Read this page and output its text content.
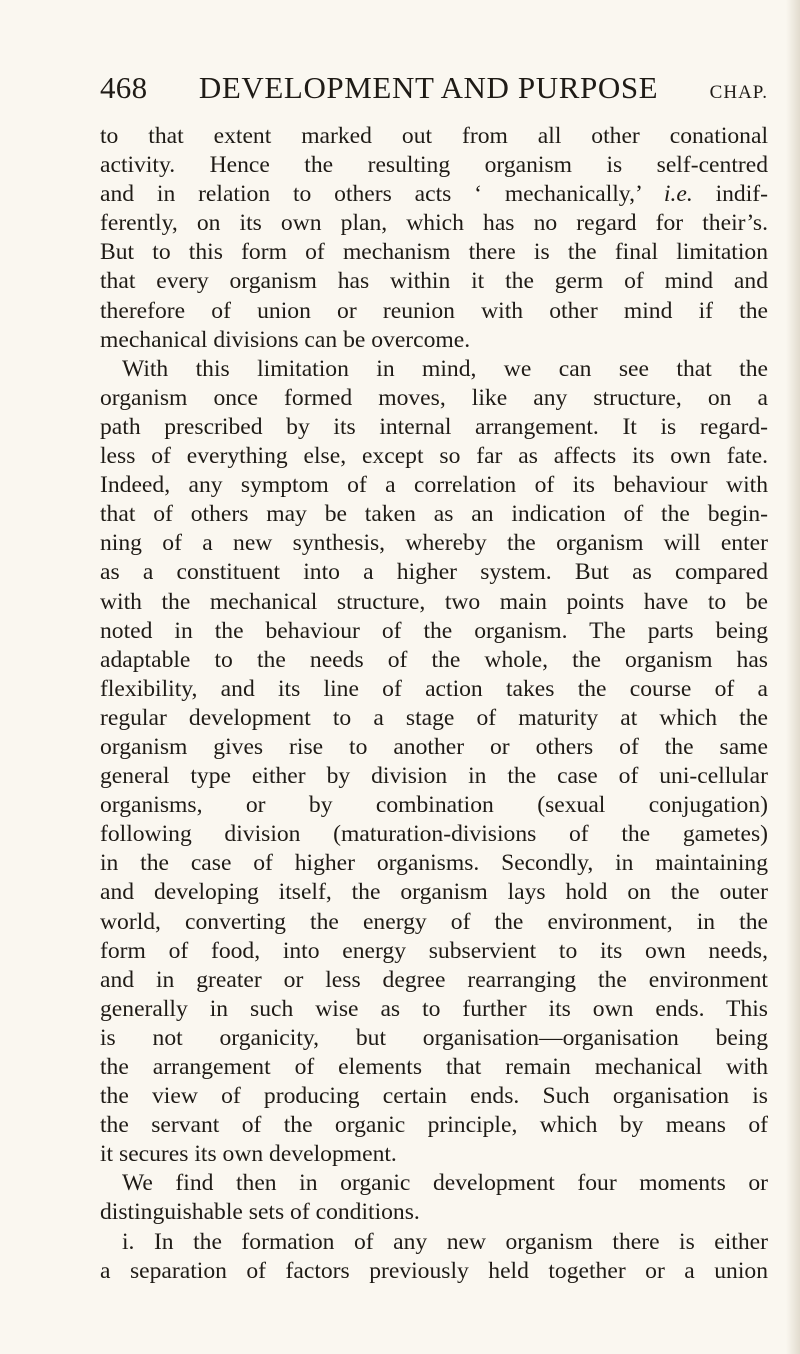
468	DEVELOPMENT AND PURPOSE	CHAP.
to that extent marked out from all other conational
activity. Hence the resulting organism is self-centred
and in relation to others acts ‘ mechanically,’ i.e. indif-
ferently, on its own plan, which has no regard for their’s.
But to this form of mechanism there is the final limitation
that every organism has within it the germ of mind and
therefore of union or reunion with other mind if the
mechanical divisions can be overcome.
With this limitation in mind, we can see that the
organism once formed moves, like any structure, on a
path prescribed by its internal arrangement. It is regard-
less of everything else, except so far as affects its own fate.
Indeed, any symptom of a correlation of its behaviour with
that of others may be taken as an indication of the begin-
ning of a new synthesis, whereby the organism will enter
as a constituent into a higher system. But as compared
with the mechanical structure, two main points have to be
noted in the behaviour of the organism. The parts being
adaptable to the needs of the whole, the organism has
flexibility, and its line of action takes the course of a
regular development to a stage of maturity at which the
organism gives rise to another or others of the same
general type either by division in the case of uni-cellular
organisms, or by combination (sexual conjugation)
following division (maturation-divisions of the gametes)
in the case of higher organisms. Secondly, in maintaining
and developing itself, the organism lays hold on the outer
world, converting the energy of the environment, in the
form of food, into energy subservient to its own needs,
and in greater or less degree rearranging the environment
generally in such wise as to further its own ends. This
is not organicity, but organisation—organisation being
the arrangement of elements that remain mechanical with
the view of producing certain ends. Such organisation is
the servant of the organic principle, which by means of
it secures its own development.
We find then in organic development four moments or
distinguishable sets of conditions.
i. In the formation of any new organism there is either
a separation of factors previously held together or a union
